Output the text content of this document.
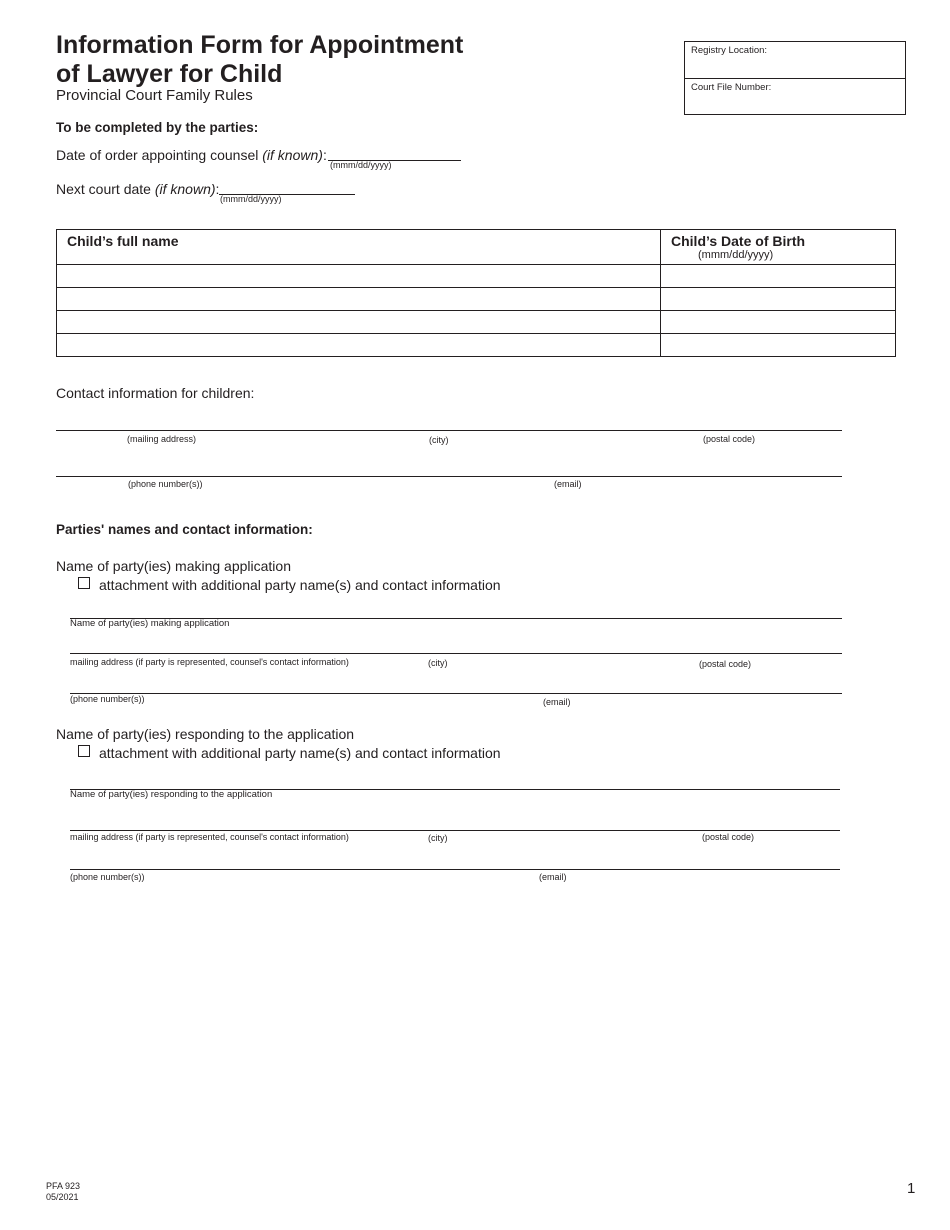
Information Form for Appointment
of Lawyer for Child
Provincial Court Family Rules
Registry Location:
Court File Number:
To be completed by the parties:
Date of order appointing counsel (if known):
(mmm/dd/yyyy)
Next court date (if known):
(mmm/dd/yyyy)
Child’s full name	Child’s Date of Birth
(mmm/dd/yyyy)

Contact information for children:
(mailing address)	(city)	(postal code)
(phone number(s))	(email)
Parties' names and contact information:
Name of party(ies) making application
attachment with additional party name(s) and contact information
Name of party(ies) making application
mailing address (if party is represented, counsel's contact information)	(city)	(postal code)
(phone number(s))	(email)
Name of party(ies) responding to the application
attachment with additional party name(s) and contact information
Name of party(ies) responding to the application
mailing address (if party is represented, counsel's contact information)	(city)	(postal code)
(phone number(s))	(email)
PFA 923
05/2021	1
